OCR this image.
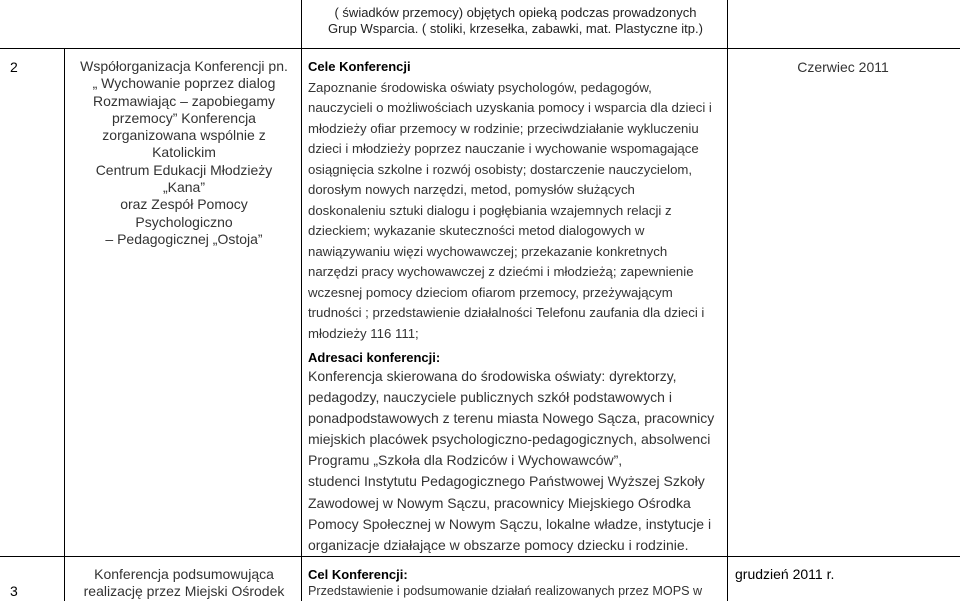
( świadków przemocy) objętych opieką podczas prowadzonych
Grup Wsparcia. ( stoliki, krzesełka, zabawki, mat. Plastyczne itp.)
2	Współorganizacja Konferencji pn.
„ Wychowanie poprzez dialog
Rozmawiając – zapobiegamy
przemocy” Konferencja
zorganizowana wspólnie z Katolickim
Centrum Edukacji Młodzieży „Kana”
oraz Zespół Pomocy Psychologiczno
– Pedagogicznej „Ostoja”
Cele Konferencji
Zapoznanie środowiska oświaty psychologów, pedagogów,
nauczycieli o możliwościach uzyskania pomocy i wsparcia dla dzieci i
młodzieży ofiar przemocy w rodzinie; przeciwdziałanie wykluczeniu
dzieci i młodzieży poprzez nauczanie i wychowanie wspomagające
osiągnięcia szkolne i rozwój osobisty; dostarczenie nauczycielom,
dorosłym nowych narzędzi, metod, pomysłów służących
doskonaleniu sztuki dialogu i pogłębiania wzajemnych relacji z
dzieckiem; wykazanie skuteczności metod dialogowych w
nawiązywaniu więzi wychowawczej; przekazanie konkretnych
narzędzi pracy wychowawczej z dziećmi i młodzieżą; zapewnienie
wczesnej pomocy dzieciom ofiarom przemocy, przeżywającym
trudności ; przedstawienie działalności Telefonu zaufania dla dzieci i
młodzieży 116 111;
Adresaci konferencji:
Konferencja skierowana do środowiska oświaty: dyrektorzy,
pedagodzy, nauczyciele publicznych szkół podstawowych i
ponadpodstawowych z terenu miasta Nowego Sącza, pracownicy
miejskich placówek psychologiczno-pedagogicznych, absolwenci
Programu „Szkoła dla Rodziców i Wychowawców”,
studenci Instytutu Pedagogicznego Państwowej Wyższej Szkoły
Zawodowej w Nowym Sączu, pracownicy Miejskiego Ośrodka
Pomocy Społecznej w Nowym Sączu, lokalne władze, instytucje i
organizacje działające w obszarze pomocy dziecku i rodzinie.
Czerwiec 2011
3
Konferencja podsumowująca
realizację przez Miejski Ośrodek
Cel Konferencji:
Przedstawienie i podsumowanie działań realizowanych przez MOPS w
grudzień 2011 r.
